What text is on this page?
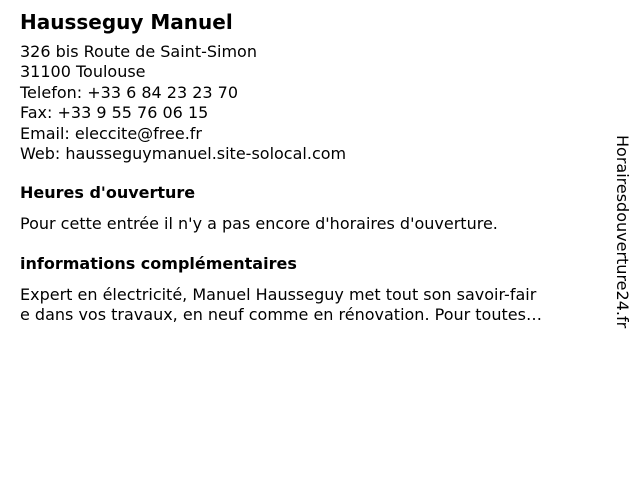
Hausseguy Manuel
326 bis Route de Saint-Simon
31100 Toulouse
Telefon: +33 6 84 23 23 70
Fax: +33 9 55 76 06 15
Email: eleccite@free.fr
Web: hausseguymanuel.site-solocal.com
Heures d'ouverture
Pour cette entrée il n'y a pas encore d'horaires d'ouverture.
informations complémentaires
Expert en électricité, Manuel Hausseguy met tout son savoir-fair
e dans vos travaux, en neuf comme en rénovation. Pour toutes…	Horairesdouverture24.fr
